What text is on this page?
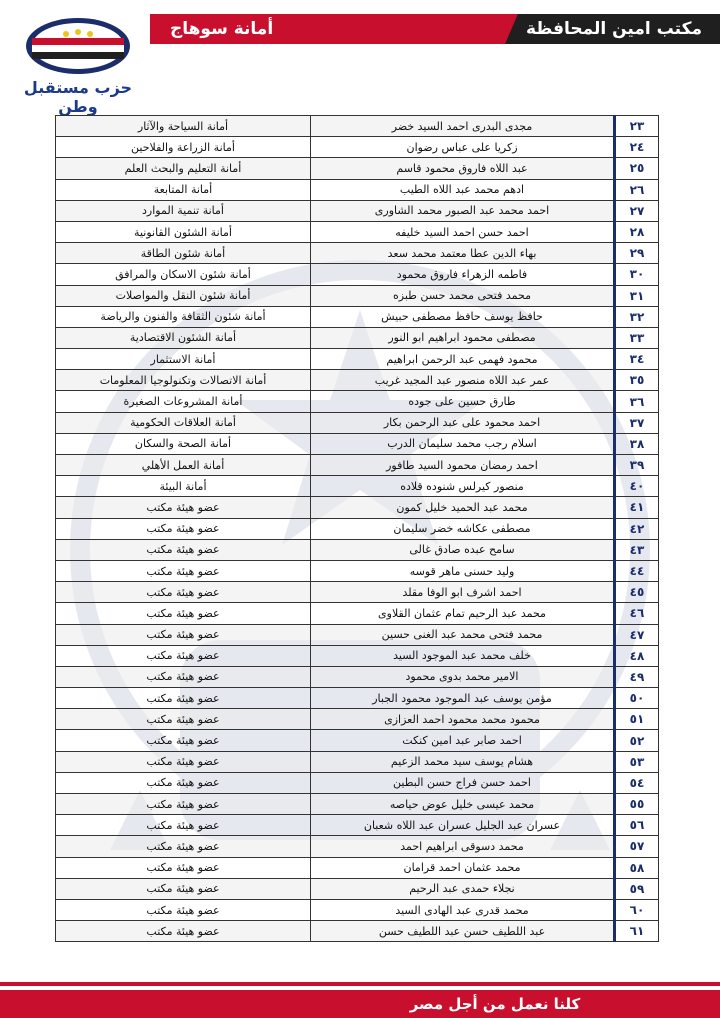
أمانة سوهاج	مكتب امين المحافظة
حزب مستقبل وطن
٢٣	مجدى البدرى احمد السيد خضر	أمانة السياحة والآثار
٢٤	زكريا على عباس رضوان	أمانة الزراعة والفلاحين
٢٥	عبد اللاه فاروق محمود قاسم	أمانة التعليم والبحث العلم
٢٦	ادهم محمد عبد اللاه الطيب	أمانة المتابعة
٢٧	احمد محمد عبد الصبور محمد الشاورى	أمانة تنمية الموارد
٢٨	احمد حسن احمد السيد خليفه	أمانة الشئون القانونية
٢٩	بهاء الدين عطا معتمد محمد سعد	أمانة شئون الطاقة
٣٠	فاطمه الزهراء فاروق محمود	أمانة شئون الاسكان والمرافق
٣١	محمد فتحى محمد حسن طبزه	أمانة شئون النقل والمواصلات
٣٢	حافظ يوسف حافظ مصطفى حبيش	أمانة شئون الثقافة والفنون والرياضة
٣٣	مصطفى محمود ابراهيم ابو النور	أمانة الشئون الاقتصادية
٣٤	محمود فهمى عبد الرحمن ابراهيم	أمانة الاستثمار
٣٥	عمر عبد اللاه منصور عبد المجيد غريب	أمانة الاتصالات وتكنولوجيا المعلومات
٣٦	طارق حسين على جوده	أمانة المشروعات الصغيرة
٣٧	احمد محمود على عبد الرحمن بكار	أمانة العلاقات الحكومية
٣٨	اسلام رجب محمد سليمان الدرب	أمانة الصحة والسكان
٣٩	احمد رمضان محمود السيد طافور	أمانة العمل الأهلي
٤٠	منصور كيرلس شنوده قلاده	أمانة البيئة
٤١	محمد عبد الحميد خليل كمون	عضو هيئة مكتب
٤٢	مصطفى عكاشه خضر سليمان	عضو هيئة مكتب
٤٣	سامح عبده صادق غالى	عضو هيئة مكتب
٤٤	وليد حسنى ماهر قوسه	عضو هيئة مكتب
٤٥	احمد اشرف ابو الوفا مقلد	عضو هيئة مكتب
٤٦	محمد عبد الرحيم تمام عثمان القلاوى	عضو هيئة مكتب
٤٧	محمد فتحى محمد عبد الغنى حسين	عضو هيئة مكتب
٤٨	خلف محمد عبد الموجود السيد	عضو هيئة مكتب
٤٩	الامير محمد بدوى محمود	عضو هيئة مكتب
٥٠	مؤمن يوسف عبد الموجود محمود الجبار	عضو هيئة مكتب
٥١	محمود محمد محمود احمد العزازى	عضو هيئة مكتب
٥٢	احمد صابر عبد امين كنكت	عضو هيئة مكتب
٥٣	هشام يوسف سيد محمد الزعيم	عضو هيئة مكتب
٥٤	احمد حسن فراج حسن البطين	عضو هيئة مكتب
٥٥	محمد عيسى خليل عوض حياصه	عضو هيئة مكتب
٥٦	عسران عبد الجليل عسران عبد اللاه شعبان	عضو هيئة مكتب
٥٧	محمد دسوقى ابراهيم احمد	عضو هيئة مكتب
٥٨	محمد عثمان احمد قرامان	عضو هيئة مكتب
٥٩	نجلاء حمدى عبد الرحيم	عضو هيئة مكتب
٦٠	محمد قدرى عبد الهادى السيد	عضو هيئة مكتب
٦١	عبد اللطيف حسن عبد اللطيف حسن	عضو هيئة مكتب
كلنا نعمل من أجل مصر
